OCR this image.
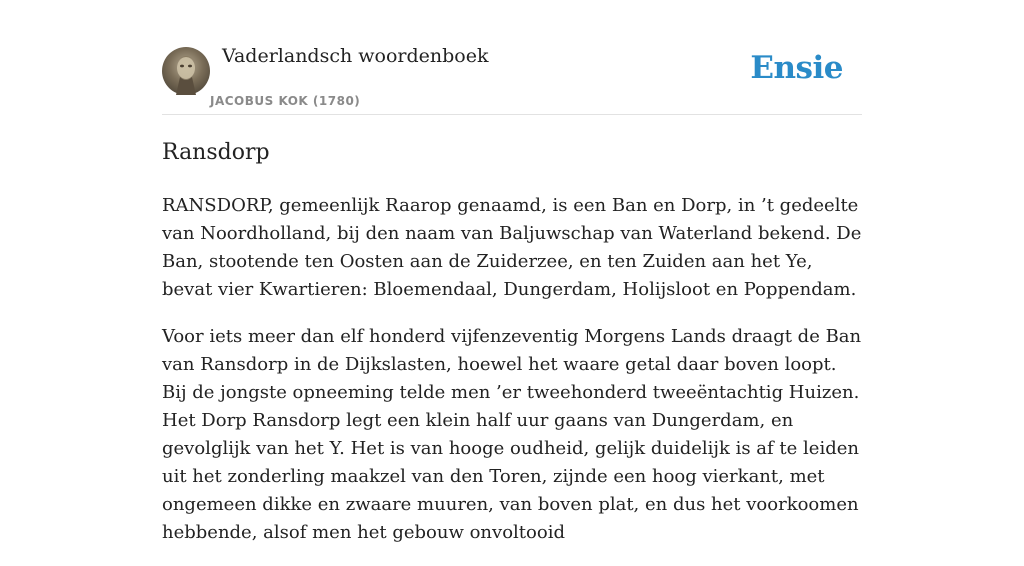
Vaderlandsch woordenboek
JACOBUS KOK (1780)
Ensie
Ransdorp

RANSDORP, gemeenlijk Raarop genaamd, is een Ban en Dorp, in ’t gedeelte van Noordholland, bij den naam van Baljuwschap van Waterland bekend. De Ban, stootende ten Oosten aan de Zuiderzee, en ten Zuiden aan het Ye, bevat vier Kwartieren: Bloemendaal, Dungerdam, Holijsloot en Poppendam.

Voor iets meer dan elf honderd vijfenzeventig Morgens Lands draagt de Ban van Ransdorp in de Dijkslasten, hoewel het waare getal daar boven loopt. Bij de jongste opneeming telde men ’er tweehonderd tweeëntachtig Huizen. Het Dorp Ransdorp legt een klein half uur gaans van Dungerdam, en gevolglijk van het Y. Het is van hooge oudheid, gelijk duidelijk is af te leiden uit het zonderling maakzel van den Toren, zijnde een hoog vierkant, met ongemeen dikke en zwaare muuren, van boven plat, en dus het voorkoomen hebbende, alsof men het gebouw onvoltooid
